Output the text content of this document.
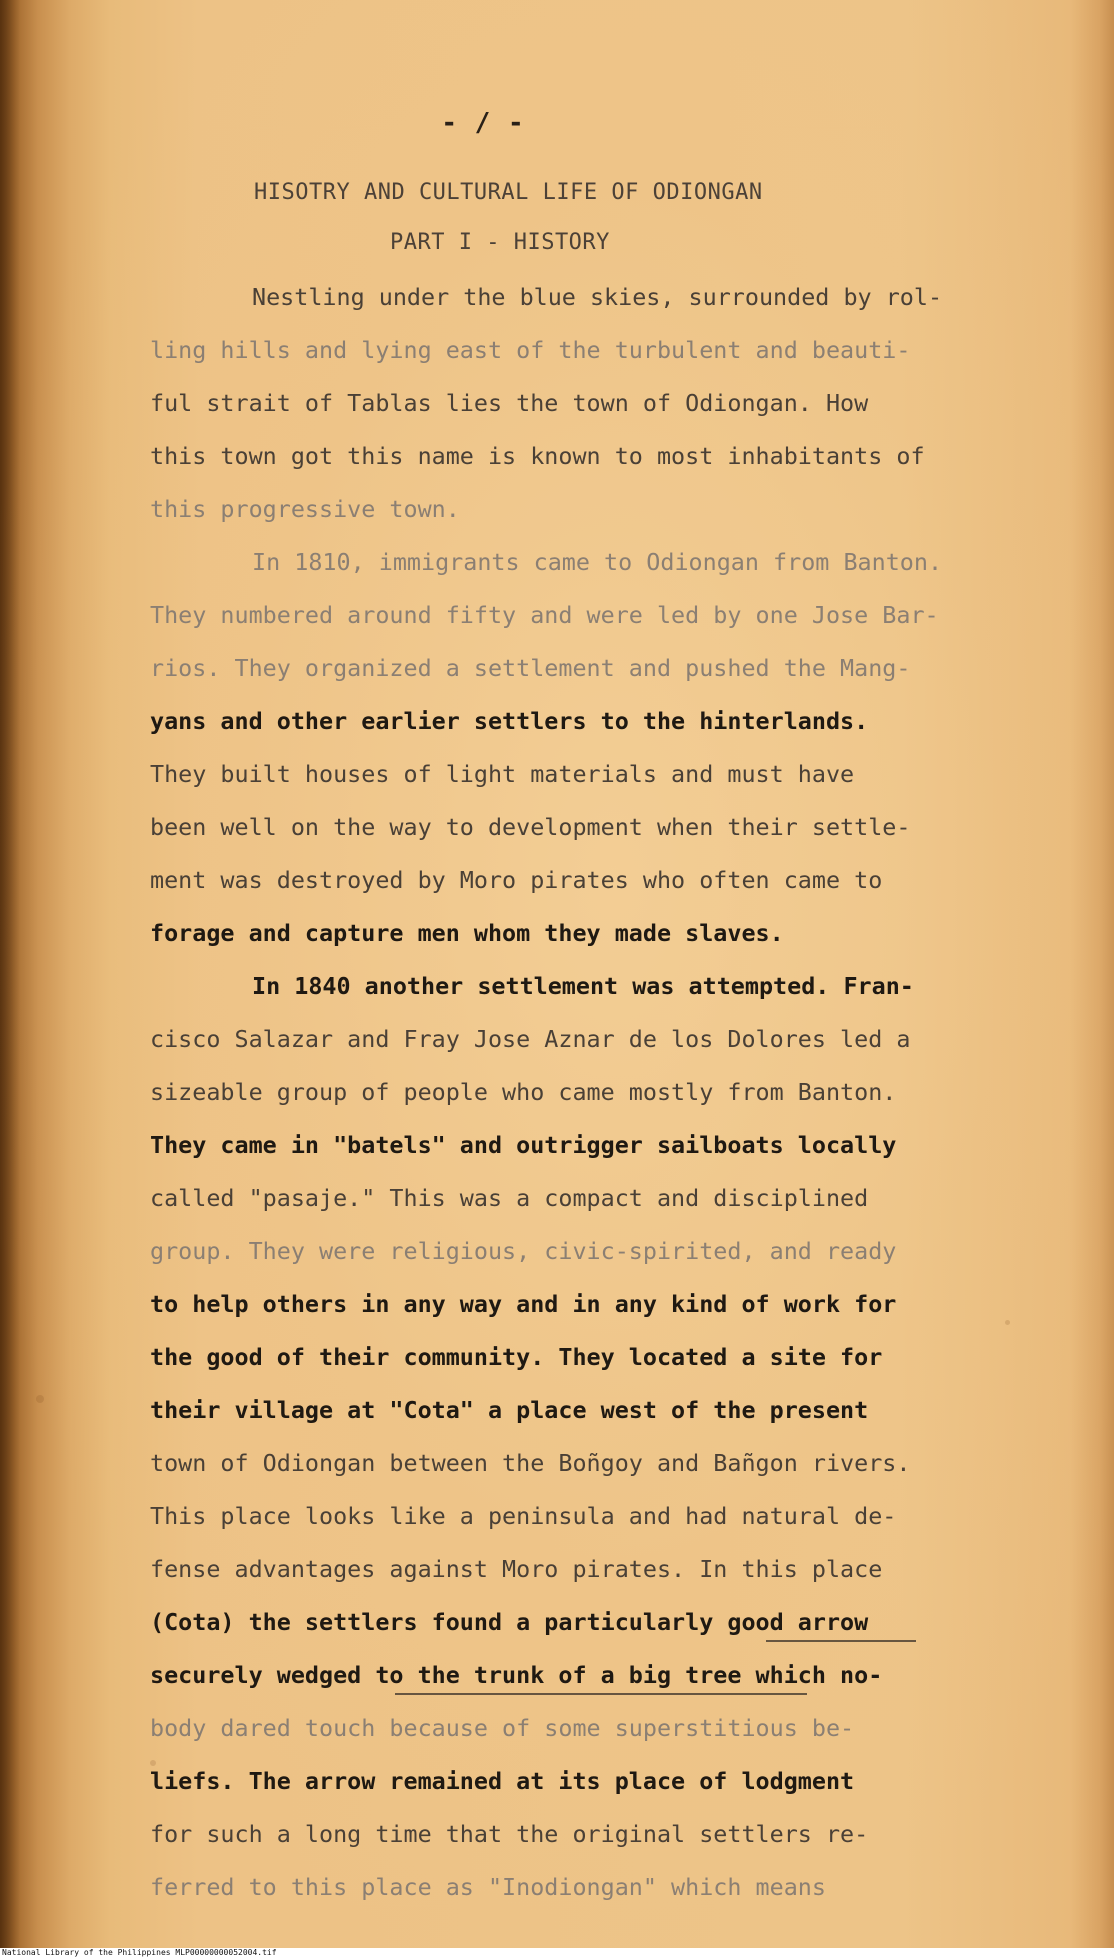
- / -

HISOTRY AND CULTURAL LIFE OF ODIONGAN
PART I - HISTORY

Nestling under the blue skies, surrounded by rol-

ling hills and lying east of the turbulent and beauti-

ful strait of Tablas lies the town of Odiongan. How

this town got this name is known to most inhabitants of

this progressive town.

In 1810, immigrants came to Odiongan from Banton.

They numbered around fifty and were led by one Jose Bar-

rios. They organized a settlement and pushed the Mang-

yans and other earlier settlers to the hinterlands.

They built houses of light materials and must have

been well on the way to development when their settle-

ment was destroyed by Moro pirates who often came to

forage and capture men whom they made slaves.

In 1840 another settlement was attempted. Fran-

cisco Salazar and Fray Jose Aznar de los Dolores led a

sizeable group of people who came mostly from Banton.

They came in "batels" and outrigger sailboats locally

called "pasaje." This was a compact and disciplined

group. They were religious, civic-spirited, and ready

to help others in any way and in any kind of work for

the good of their community. They located a site for

their village at "Cota" a place west of the present

town of Odiongan between the Boñgoy and Bañgon rivers.

This place looks like a peninsula and had natural de-

fense advantages against Moro pirates. In this place

(Cota) the settlers found a particularly good arrow

securely wedged to the trunk of a big tree which no-

body dared touch because of some superstitious be-

liefs. The arrow remained at its place of lodgment

for such a long time that the original settlers re-

ferred to this place as "Inodiongan" which means

National Library of the Philippines MLP00000000052004.tif
